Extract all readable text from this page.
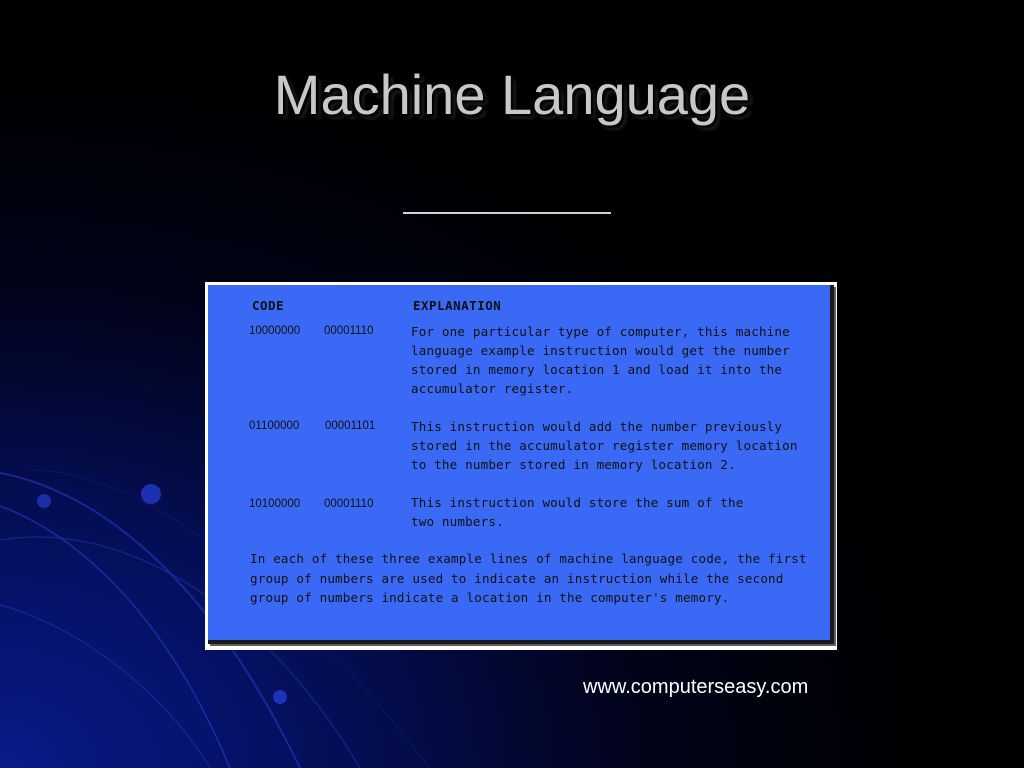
Machine Language
CODE	EXPLANATION
10000000 00001110	For one particular type of computer, this machine
language example instruction would get the number
stored in memory location 1 and load it into the
accumulator register.
01100000 00001101	This instruction would add the number previously
stored in the accumulator register memory location
to the number stored in memory location 2.
10100000 00001110	This instruction would store the sum of the
two numbers.
In each of these three example lines of machine language code, the first
group of numbers are used to indicate an instruction while the second
group of numbers indicate a location in the computer's memory.
www.computerseasy.com
